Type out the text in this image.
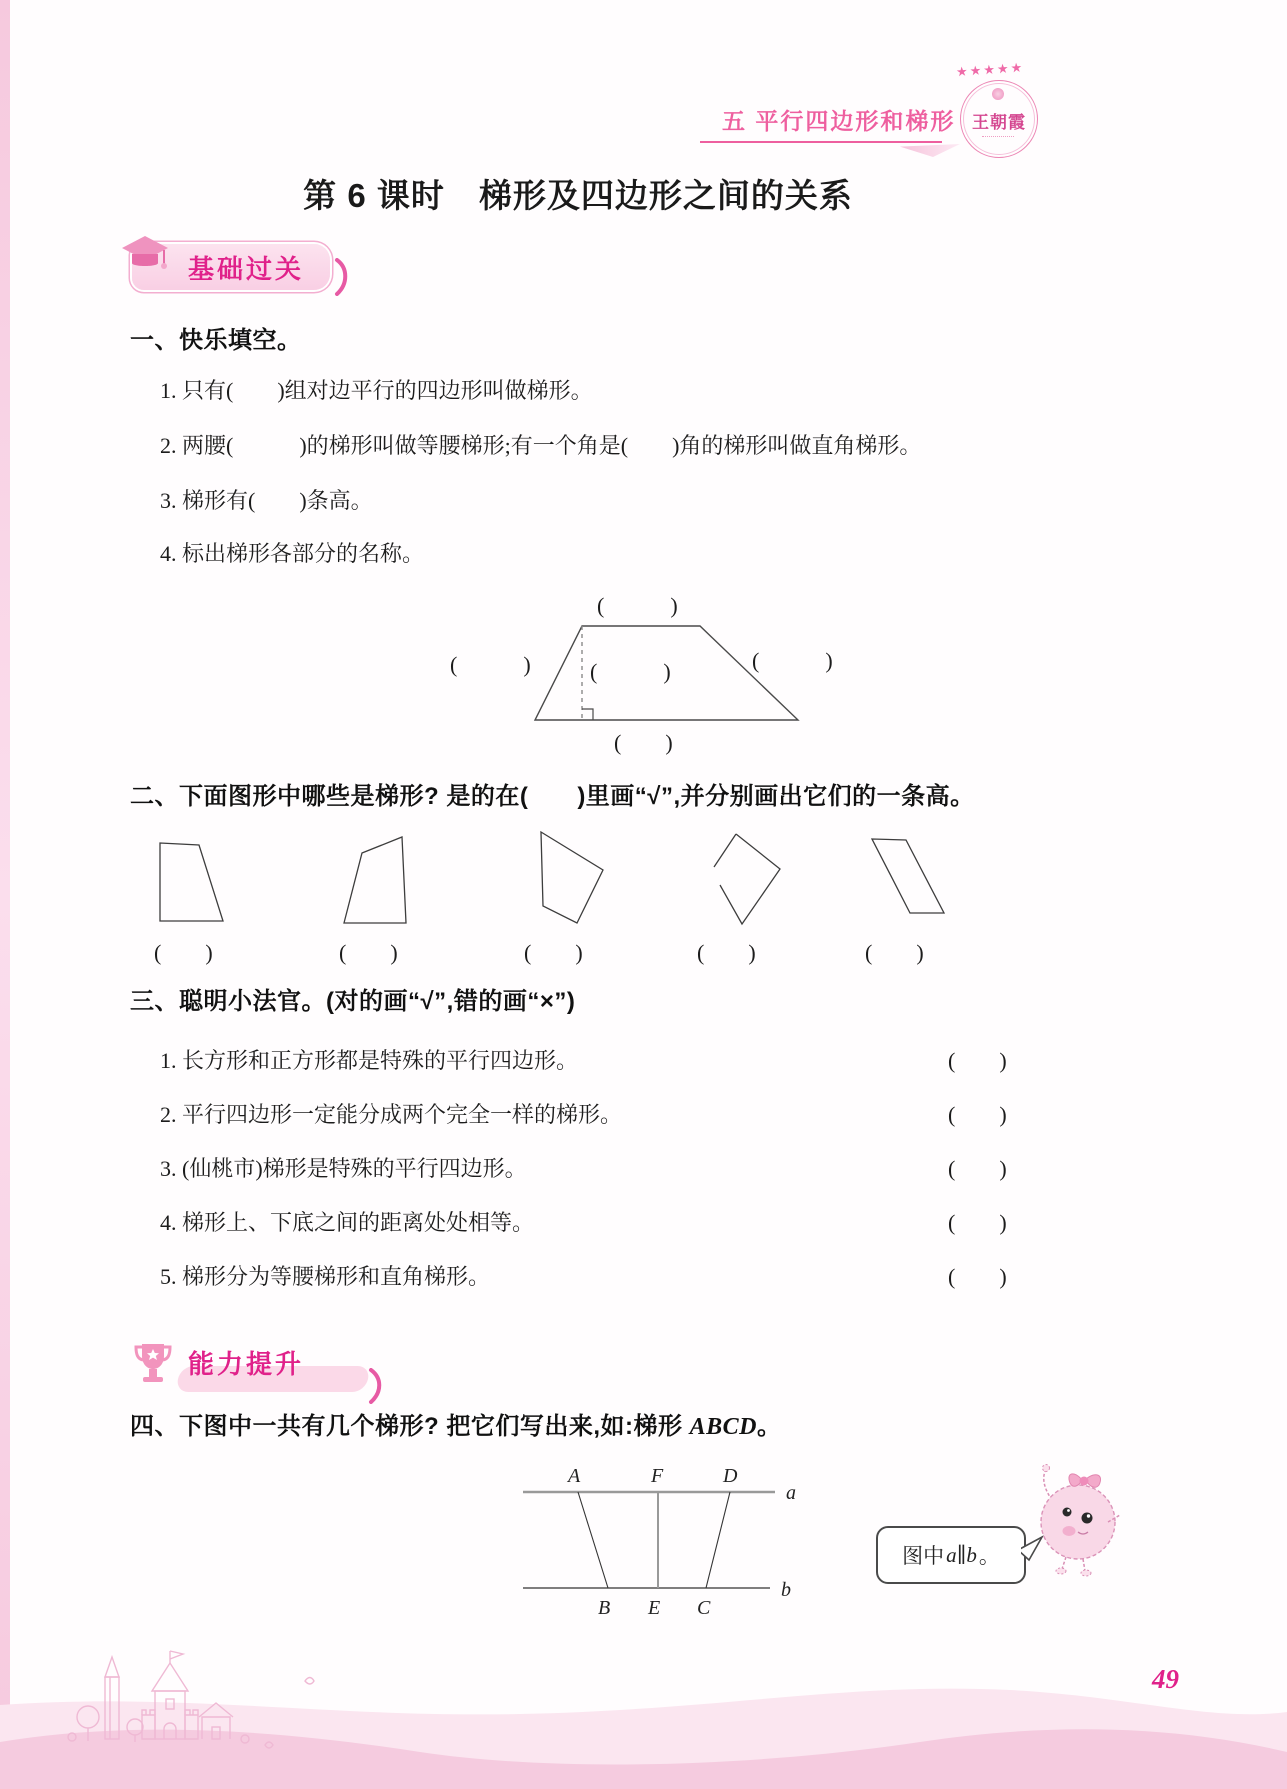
五 平行四边形和梯形
★★★★★
王朝霞
第 6 课时　梯形及四边形之间的关系
基础过关
一、快乐填空。
1. 只有(　　)组对边平行的四边形叫做梯形。
2. 两腰(　　　)的梯形叫做等腰梯形;有一个角是(　　)角的梯形叫做直角梯形。
3. 梯形有(　　)条高。
4. 标出梯形各部分的名称。
(　　　)
(　　　)	(　　　)	(　　　)
(　　)
二、下面图形中哪些是梯形? 是的在(　　)里画“√”,并分别画出它们的一条高。
(　　)	(　　)	(　　)	(　　)	(　　)
三、聪明小法官。(对的画“√”,错的画“×”)
1. 长方形和正方形都是特殊的平行四边形。	(　　)
2. 平行四边形一定能分成两个完全一样的梯形。	(　　)
3. (仙桃市)梯形是特殊的平行四边形。	(　　)
4. 梯形上、下底之间的距离处处相等。	(　　)
5. 梯形分为等腰梯形和直角梯形。	(　　)
能力提升
四、下图中一共有几个梯形? 把它们写出来,如:梯形 ABCD。
A	F	D
a
B E C
b
图中 a∥b 。
49
